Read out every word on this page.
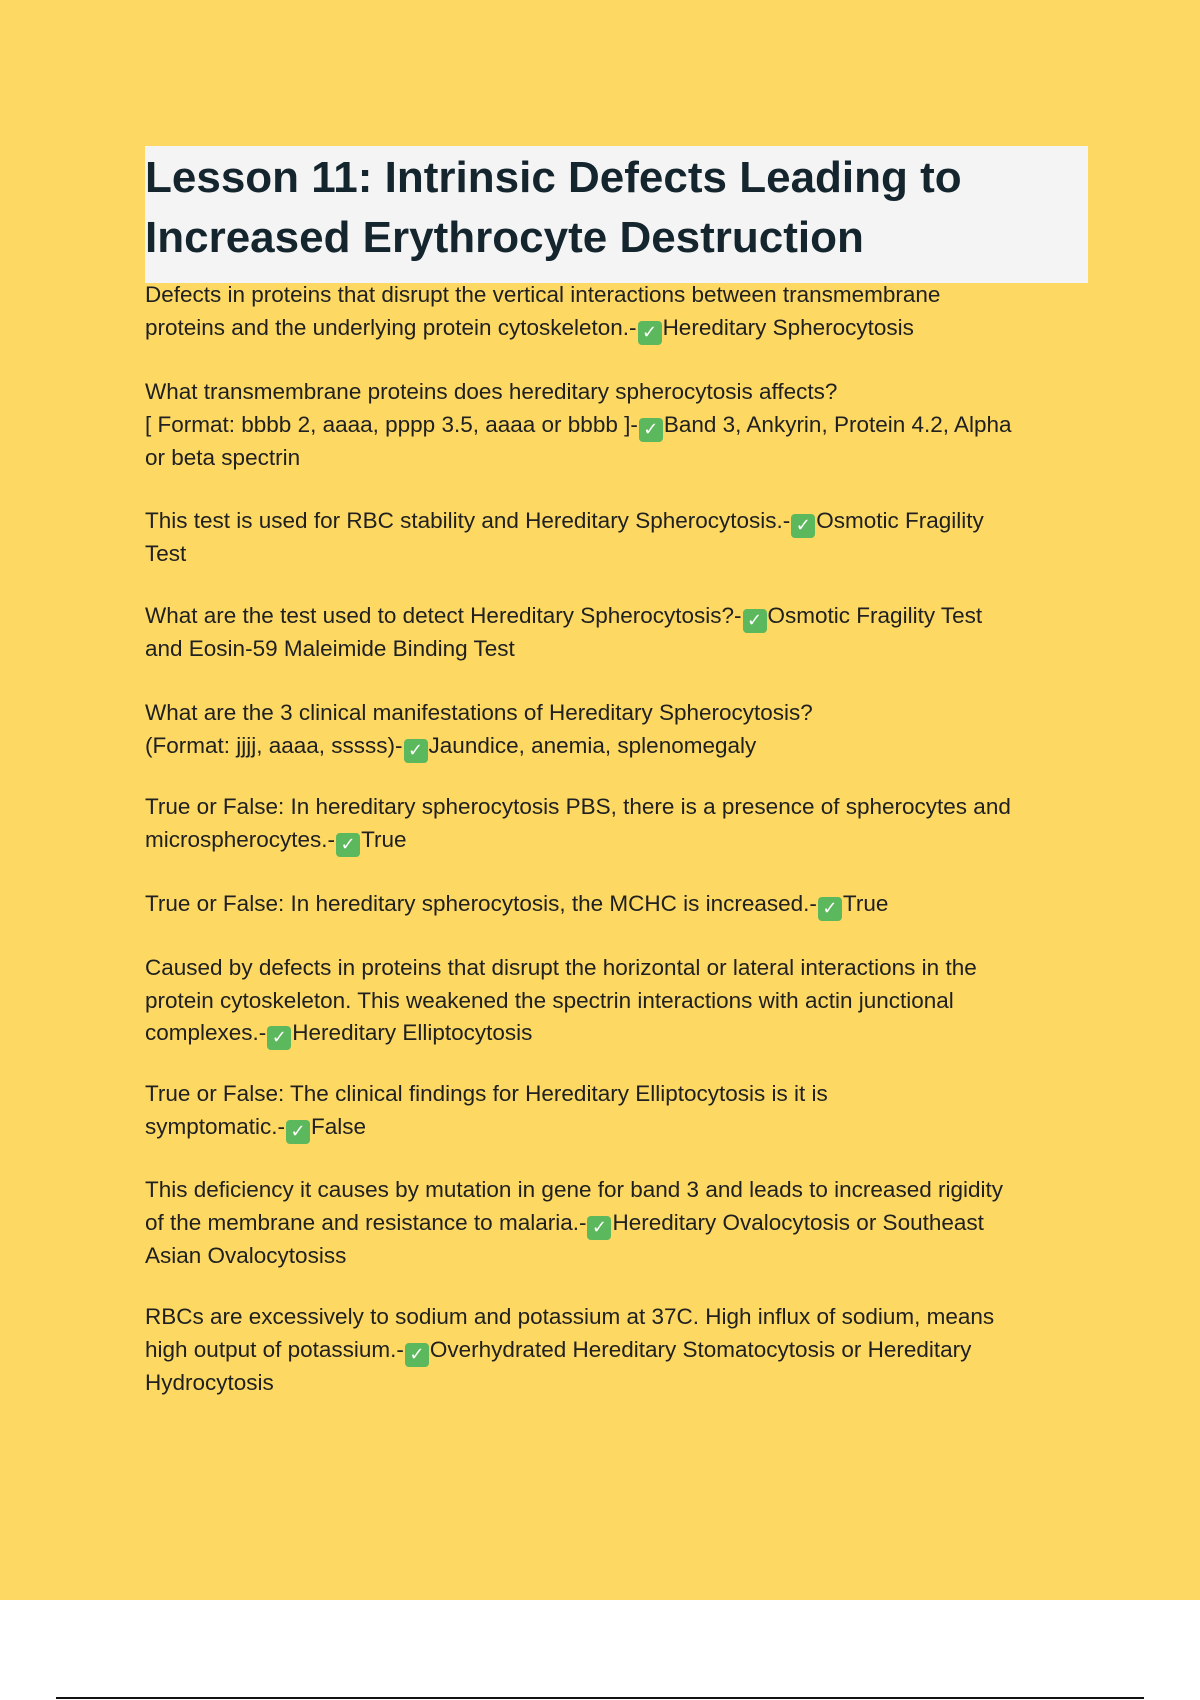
Lesson 11: Intrinsic Defects Leading to
Increased Erythrocyte Destruction
Defects in proteins that disrupt the vertical interactions between transmembrane
proteins and the underlying protein cytoskeleton.- ✓ Hereditary Spherocytosis
What transmembrane proteins does hereditary spherocytosis affects?
[ Format: bbbb 2, aaaa, pppp 3.5, aaaa or bbbb ]- ✓ Band 3, Ankyrin, Protein 4.2, Alpha
or beta spectrin
This test is used for RBC stability and Hereditary Spherocytosis.- ✓ Osmotic Fragility
Test
What are the test used to detect Hereditary Spherocytosis?- ✓ Osmotic Fragility Test
and Eosin-59 Maleimide Binding Test
What are the 3 clinical manifestations of Hereditary Spherocytosis?
(Format: jjjj, aaaa, sssss)- ✓ Jaundice, anemia, splenomegaly
True or False: In hereditary spherocytosis PBS, there is a presence of spherocytes and
microspherocytes.- ✓ True
True or False: In hereditary spherocytosis, the MCHC is increased.- ✓ True
Caused by defects in proteins that disrupt the horizontal or lateral interactions in the
protein cytoskeleton. This weakened the spectrin interactions with actin junctional
complexes.- ✓ Hereditary Elliptocytosis
True or False: The clinical findings for Hereditary Elliptocytosis is it is
symptomatic.- ✓ False
This deficiency it causes by mutation in gene for band 3 and leads to increased rigidity
of the membrane and resistance to malaria.- ✓ Hereditary Ovalocytosis or Southeast
Asian Ovalocytosiss
RBCs are excessively to sodium and potassium at 37C. High influx of sodium, means
high output of potassium.- ✓ Overhydrated Hereditary Stomatocytosis or Hereditary
Hydrocytosis
